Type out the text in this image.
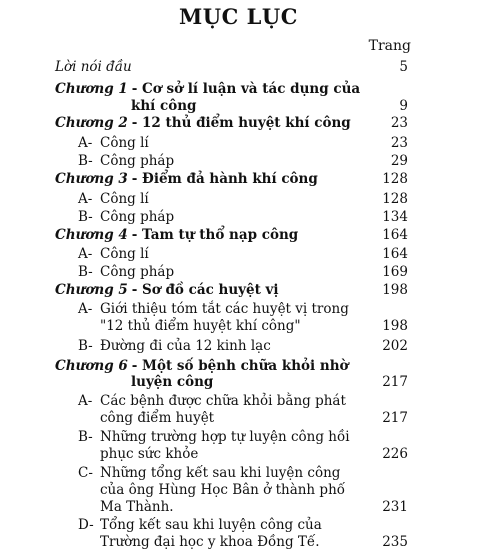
MỤC LỤC
Trang
Lời nói đầu	5
Chương 1 - Cơ sở lí luận và tác dụng của
khí công	9
Chương 2 - 12 thủ điểm huyệt khí công	23
A- Công lí	23
B- Công pháp	29
Chương 3 - Điểm đả hành khí công	128
A- Công lí	128
B- Công pháp	134
Chương 4 - Tam tự thổ nạp công	164
A- Công lí	164
B- Công pháp	169
Chương 5 - Sơ đồ các huyệt vị	198
A- Giới thiệu tóm tắt các huyệt vị trong
"12 thủ điểm huyệt khí công"	198
B- Đường đi của 12 kinh lạc	202
Chương 6 - Một số bệnh chữa khỏi nhờ
luyện công	217
A- Các bệnh được chữa khỏi bằng phát
công điểm huyệt	217
B- Những trường hợp tự luyện công hồi
phục sức khỏe	226
C- Những tổng kết sau khi luyện công
của ông Hùng Học Bân ở thành phố
Ma Thành.	231
D- Tổng kết sau khi luyện công của
Trường đại học y khoa Đồng Tế.	235
